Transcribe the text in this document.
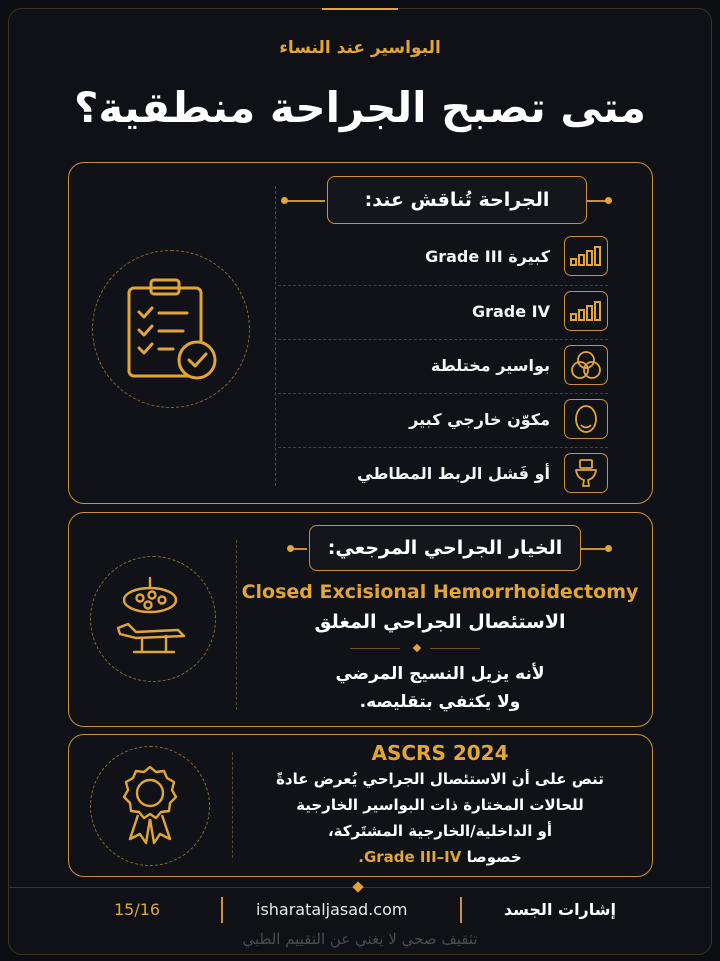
البواسير عند النساء
متى تصبح الجراحة منطقية؟
الجراحة تُناقش عند:
كبيرة Grade III
Grade IV
بواسير مختلطة
مكوّن خارجي كبير
أو فَشل الربط المطاطي
الخيار الجراحي المرجعي:
Closed Excisional Hemorrhoidectomy
الاستئصال الجراحي المغلق
لأنه يزيل النسيج المرضي
ولا يكتفي بتقليصه.
ASCRS 2024
تنص على أن الاستئصال الجراحي يُعرض عادةً
للحالات المختارة ذات البواسير الخارجية
أو الداخلية/الخارجية المشتَركة،
خصوصا .Grade III–IV
15/16	isharataljasad.com	إشارات الجسد
تثقيف صحي لا يغني عن التقييم الطبي
